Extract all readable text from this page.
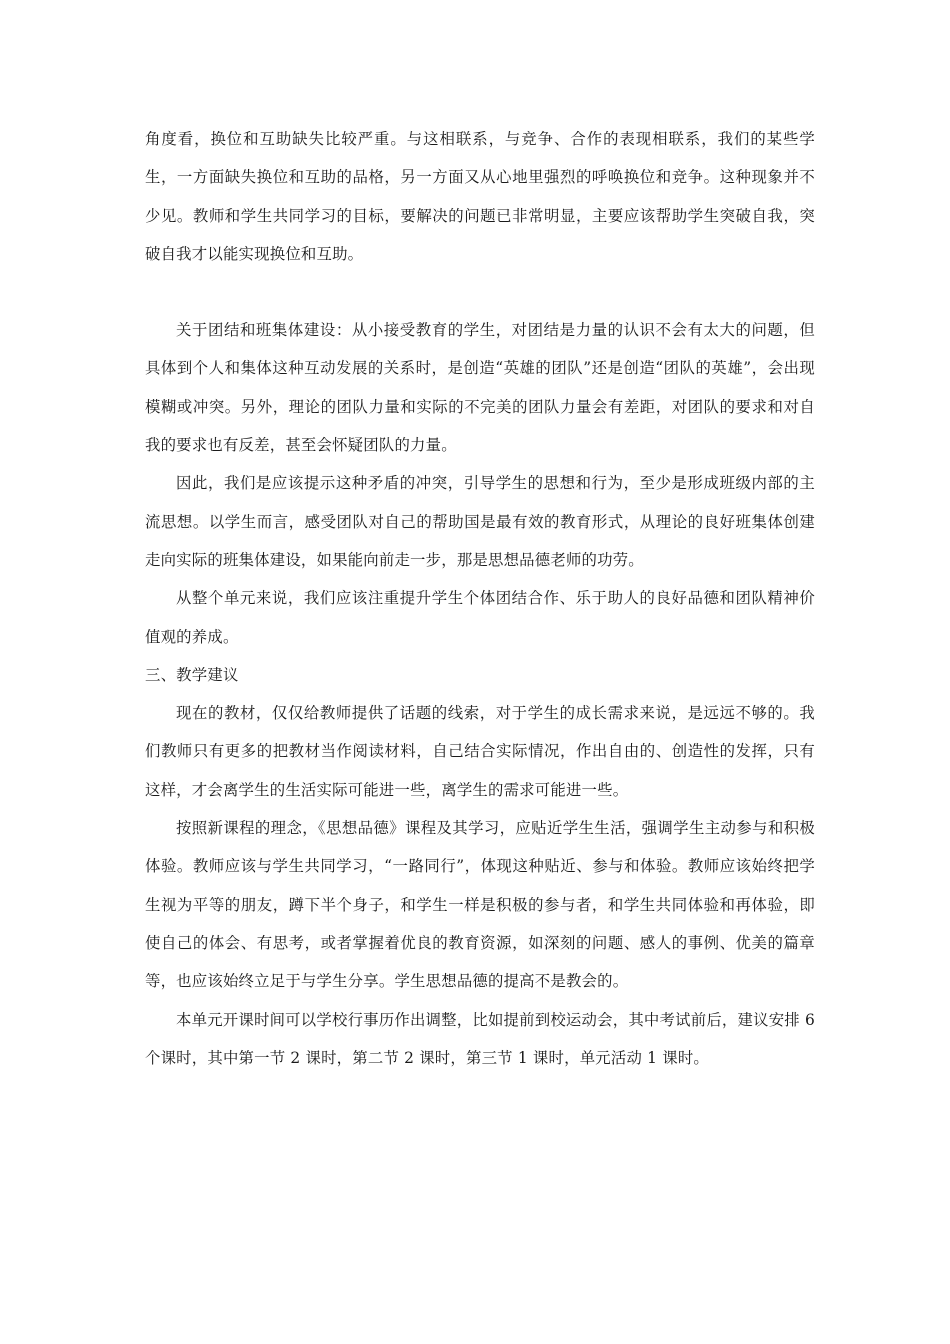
角度看，换位和互助缺失比较严重。与这相联系，与竞争、合作的表现相联系，我们的某些学生，一方面缺失换位和互助的品格，另一方面又从心地里强烈的呼唤换位和竞争。这种现象并不少见。教师和学生共同学习的目标，要解决的问题已非常明显，主要应该帮助学生突破自我，突破自我才以能实现换位和互助。

关于团结和班集体建设：从小接受教育的学生，对团结是力量的认识不会有太大的问题，但具体到个人和集体这种互动发展的关系时，是创造“英雄的团队”还是创造“团队的英雄”，会出现模糊或冲突。另外，理论的团队力量和实际的不完美的团队力量会有差距，对团队的要求和对自我的要求也有反差，甚至会怀疑团队的力量。

因此，我们是应该提示这种矛盾的冲突，引导学生的思想和行为，至少是形成班级内部的主流思想。以学生而言，感受团队对自己的帮助国是最有效的教育形式，从理论的良好班集体创建走向实际的班集体建设，如果能向前走一步，那是思想品德老师的功劳。

从整个单元来说，我们应该注重提升学生个体团结合作、乐于助人的良好品德和团队精神价值观的养成。

三、教学建议

现在的教材，仅仅给教师提供了话题的线索，对于学生的成长需求来说，是远远不够的。我们教师只有更多的把教材当作阅读材料，自己结合实际情况，作出自由的、创造性的发挥，只有这样，才会离学生的生活实际可能进一些，离学生的需求可能进一些。

按照新课程的理念，《思想品德》课程及其学习，应贴近学生生活，强调学生主动参与和积极体验。教师应该与学生共同学习，“一路同行”，体现这种贴近、参与和体验。教师应该始终把学生视为平等的朋友，蹲下半个身子，和学生一样是积极的参与者，和学生共同体验和再体验，即使自己的体会、有思考，或者掌握着优良的教育资源，如深刻的问题、感人的事例、优美的篇章等，也应该始终立足于与学生分享。学生思想品德的提高不是教会的。

本单元开课时间可以学校行事历作出调整，比如提前到校运动会，其中考试前后，建议安排 6 个课时，其中第一节 2 课时，第二节 2 课时，第三节 1 课时，单元活动 1 课时。
